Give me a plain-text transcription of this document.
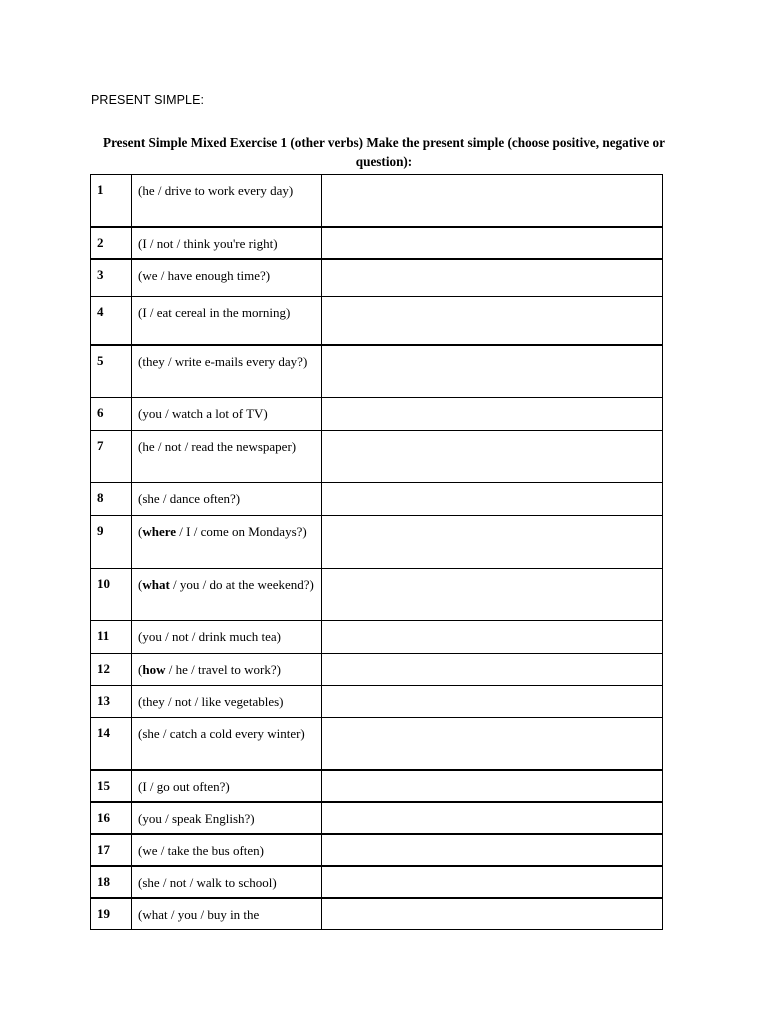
PRESENT SIMPLE:
Present Simple Mixed Exercise 1 (other verbs) Make the present simple (choose positive, negative or question):
1	(he / drive to work every day)
2	(I / not / think you're right)
3	(we / have enough time?)
4	(I / eat cereal in the morning)
5	(they / write e-mails every day?)
6	(you / watch a lot of TV)
7	(he / not / read the newspaper)
8	(she / dance often?)
9	(where / I / come on Mondays?)
10	(what / you / do at the weekend?)
11	(you / not / drink much tea)
12	(how / he / travel to work?)
13	(they / not / like vegetables)
14	(she / catch a cold every winter)
15	(I / go out often?)
16	(you / speak English?)
17	(we / take the bus often)
18	(she / not / walk to school)
19	(what / you / buy in the
